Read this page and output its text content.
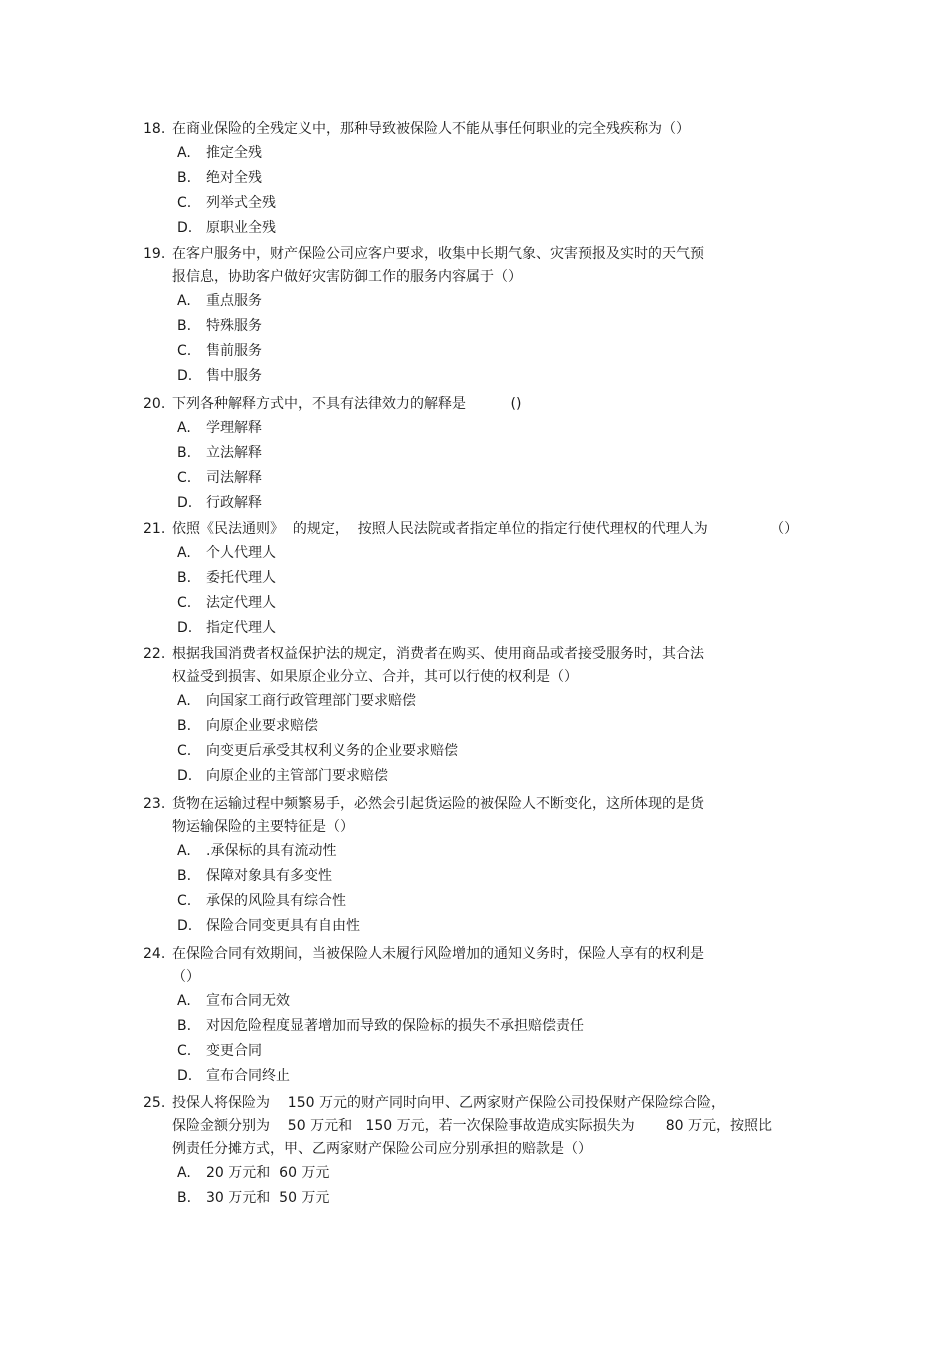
18. 在商业保险的全残定义中，那种导致被保险人不能从事任何职业的完全残疾称为（）
A.	推定全残
B.	绝对全残
C.	列举式全残
D. 原职业全残
19. 在客户服务中，财产保险公司应客户要求，收集中长期气象、灾害预报及实时的天气预
报信息，协助客户做好灾害防御工作的服务内容属于（）
A.	重点服务
B.	特殊服务
C.	售前服务
D. 售中服务
20. 下列各种解释方式中，不具有法律效力的解释是          ()
A.	学理解释
B.	立法解释
C.	司法解释
D. 行政解释
21. 依照《民法通则》  的规定，  按照人民法院或者指定单位的指定行使代理权的代理人为              （）
A.	个人代理人
B.	委托代理人
C.	法定代理人
D. 指定代理人
22. 根据我国消费者权益保护法的规定，消费者在购买、使用商品或者接受服务时，其合法
权益受到损害、如果原企业分立、合并，其可以行使的权利是（）
A.	向国家工商行政管理部门要求赔偿
B.	向原企业要求赔偿
C.	向变更后承受其权利义务的企业要求赔偿
D. 向原企业的主管部门要求赔偿
23. 货物在运输过程中频繁易手，必然会引起货运险的被保险人不断变化，这所体现的是货
物运输保险的主要特征是（）
A.	.承保标的具有流动性
B.	保障对象具有多变性
C.	承保的风险具有综合性
D. 保险合同变更具有自由性
24. 在保险合同有效期间，当被保险人未履行风险增加的通知义务时，保险人享有的权利是
（）
A.	宣布合同无效
B.	对因危险程度显著增加而导致的保险标的损失不承担赔偿责任
C.	变更合同
D. 宣布合同终止
25. 投保人将保险为    150 万元的财产同时向甲、乙两家财产保险公司投保财产保险综合险，
保险金额分别为    50 万元和   150 万元，若一次保险事故造成实际损失为       80 万元，按照比
例责任分摊方式，甲、乙两家财产保险公司应分别承担的赔款是（）
A.	20 万元和  60 万元
B.	30 万元和  50 万元
